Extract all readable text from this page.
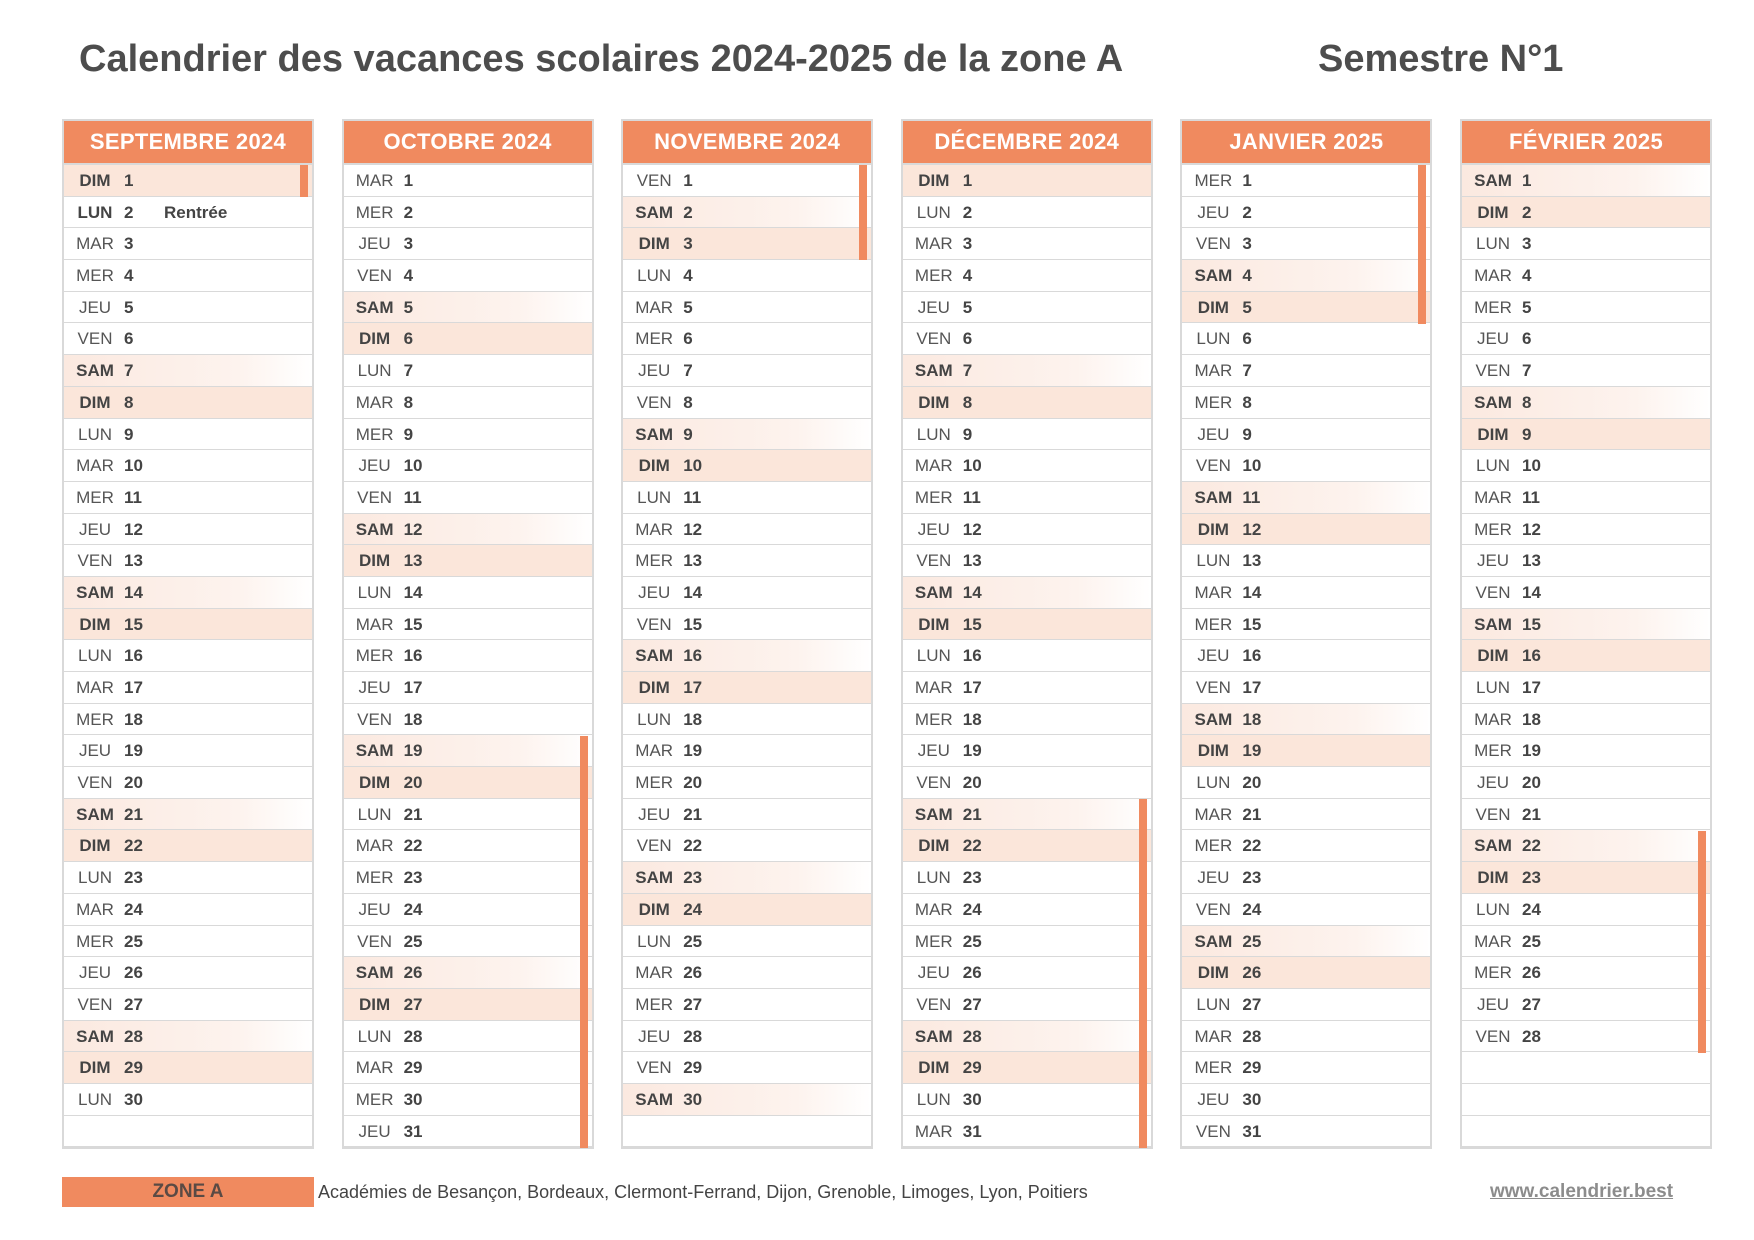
Calendrier des vacances scolaires 2024-2025 de la zone A	Semestre N°1
SEPTEMBRE 2024
DIM 1
LUN 2 Rentrée
MAR 3
MER 4
JEU 5
VEN 6
SAM 7
DIM 8
LUN 9
MAR 10
MER 11
JEU 12
VEN 13
SAM 14
DIM 15
LUN 16
MAR 17
MER 18
JEU 19
VEN 20
SAM 21
DIM 22
LUN 23
MAR 24
MER 25
JEU 26
VEN 27
SAM 28
DIM 29
LUN 30
OCTOBRE 2024
MAR 1
MER 2
JEU 3
VEN 4
SAM 5
DIM 6
LUN 7
MAR 8
MER 9
JEU 10
VEN 11
SAM 12
DIM 13
LUN 14
MAR 15
MER 16
JEU 17
VEN 18
SAM 19
DIM 20
LUN 21
MAR 22
MER 23
JEU 24
VEN 25
SAM 26
DIM 27
LUN 28
MAR 29
MER 30
JEU 31
NOVEMBRE 2024
VEN 1
SAM 2
DIM 3
LUN 4
MAR 5
MER 6
JEU 7
VEN 8
SAM 9
DIM 10
LUN 11
MAR 12
MER 13
JEU 14
VEN 15
SAM 16
DIM 17
LUN 18
MAR 19
MER 20
JEU 21
VEN 22
SAM 23
DIM 24
LUN 25
MAR 26
MER 27
JEU 28
VEN 29
SAM 30
DÉCEMBRE 2024
DIM 1
LUN 2
MAR 3
MER 4
JEU 5
VEN 6
SAM 7
DIM 8
LUN 9
MAR 10
MER 11
JEU 12
VEN 13
SAM 14
DIM 15
LUN 16
MAR 17
MER 18
JEU 19
VEN 20
SAM 21
DIM 22
LUN 23
MAR 24
MER 25
JEU 26
VEN 27
SAM 28
DIM 29
LUN 30
MAR 31
JANVIER 2025
MER 1
JEU 2
VEN 3
SAM 4
DIM 5
LUN 6
MAR 7
MER 8
JEU 9
VEN 10
SAM 11
DIM 12
LUN 13
MAR 14
MER 15
JEU 16
VEN 17
SAM 18
DIM 19
LUN 20
MAR 21
MER 22
JEU 23
VEN 24
SAM 25
DIM 26
LUN 27
MAR 28
MER 29
JEU 30
VEN 31
FÉVRIER 2025
SAM 1
DIM 2
LUN 3
MAR 4
MER 5
JEU 6
VEN 7
SAM 8
DIM 9
LUN 10
MAR 11
MER 12
JEU 13
VEN 14
SAM 15
DIM 16
LUN 17
MAR 18
MER 19
JEU 20
VEN 21
SAM 22
DIM 23
LUN 24
MAR 25
MER 26
JEU 27
VEN 28
ZONE A	Académies de Besançon, Bordeaux, Clermont-Ferrand, Dijon, Grenoble, Limoges, Lyon, Poitiers	www.calendrier.best
